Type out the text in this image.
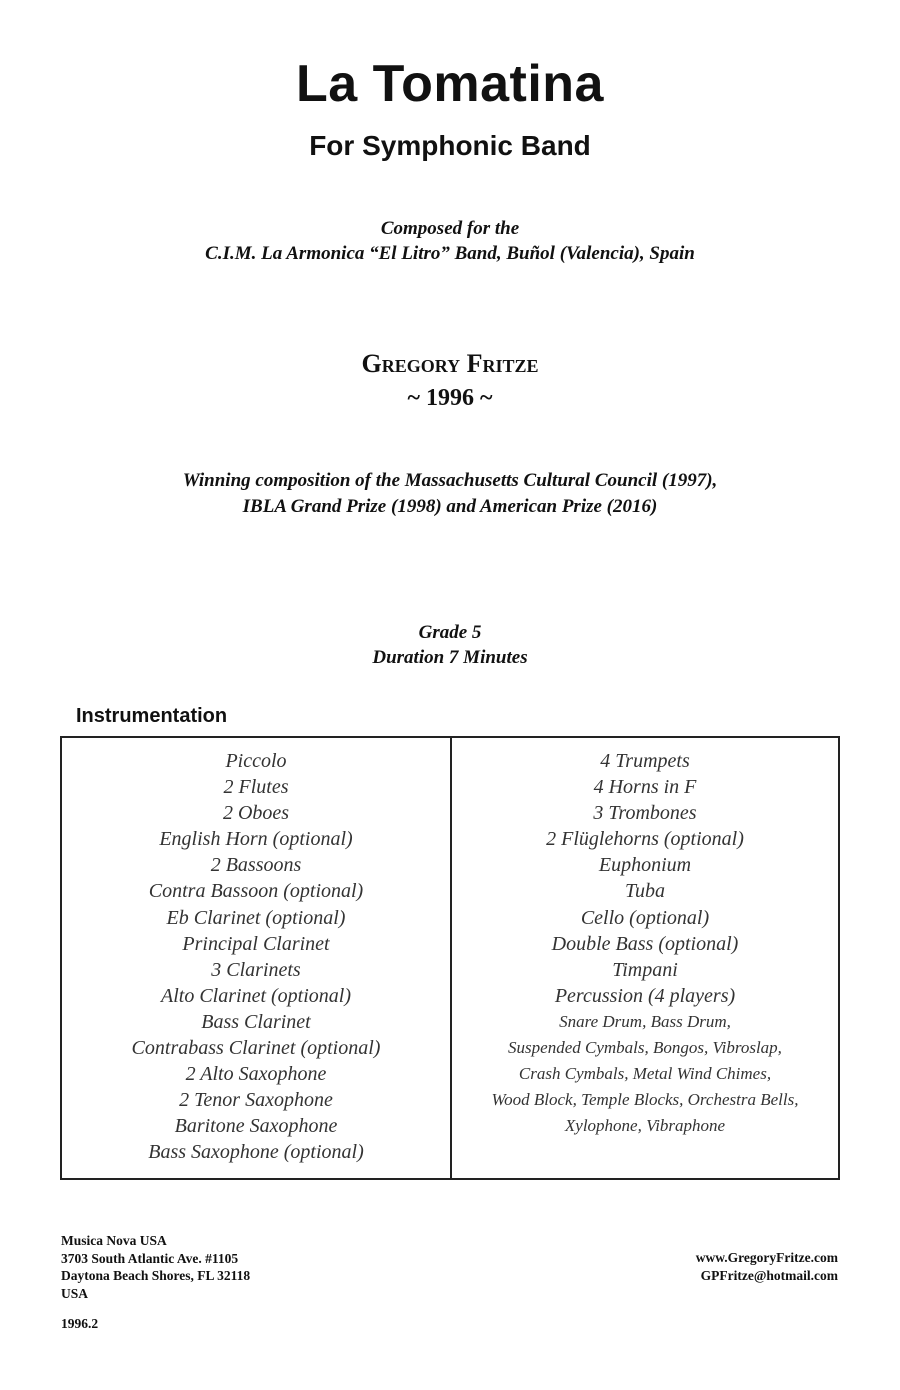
La Tomatina
For Symphonic Band
Composed for the
C.I.M. La Armonica “El Litro” Band, Buñol (Valencia), Spain
Gregory Fritze
~ 1996 ~
Winning composition of the Massachusetts Cultural Council (1997),
IBLA Grand Prize (1998) and American Prize (2016)
Grade 5
Duration 7 Minutes
Instrumentation
Piccolo
2 Flutes
2 Oboes
English Horn (optional)
2 Bassoons
Contra Bassoon (optional)
Eb Clarinet (optional)
Principal Clarinet
3 Clarinets
Alto Clarinet (optional)
Bass Clarinet
Contrabass Clarinet (optional)
2 Alto Saxophone
2 Tenor Saxophone
Baritone Saxophone
Bass Saxophone (optional)
4 Trumpets
4 Horns in F
3 Trombones
2 Flüglehorns (optional)
Euphonium
Tuba
Cello (optional)
Double Bass (optional)
Timpani
Percussion (4 players)
Snare Drum, Bass Drum,
Suspended Cymbals, Bongos, Vibroslap,
Crash Cymbals, Metal Wind Chimes,
Wood Block, Temple Blocks, Orchestra Bells,
Xylophone, Vibraphone
Musica Nova USA
3703 South Atlantic Ave. #1105
Daytona Beach Shores, FL 32118
USA
www.GregoryFritze.com
GPFritze@hotmail.com
1996.2
